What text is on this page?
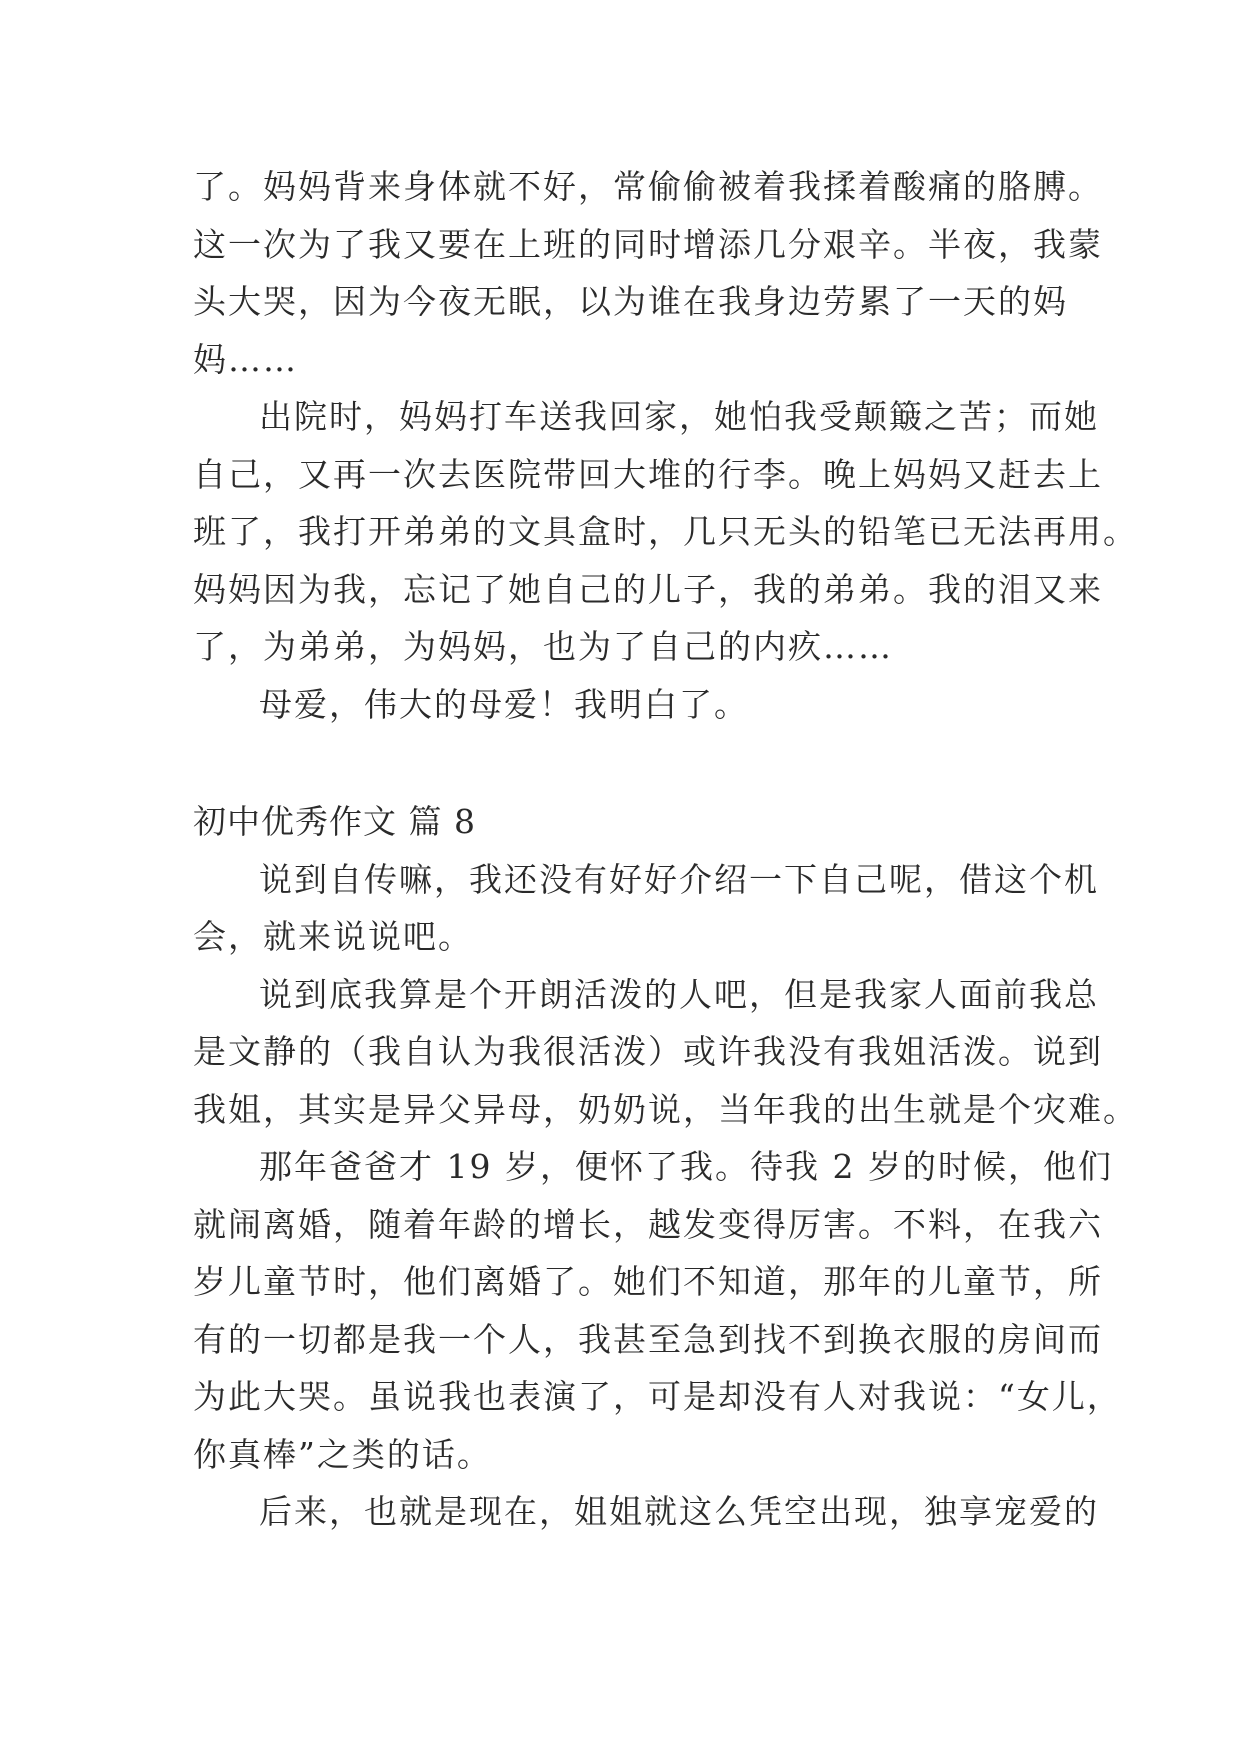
了。妈妈背来身体就不好，常偷偷被着我揉着酸痛的胳膊。
这一次为了我又要在上班的同时增添几分艰辛。半夜，我蒙
头大哭，因为今夜无眠，以为谁在我身边劳累了一天的妈
妈……
出院时，妈妈打车送我回家，她怕我受颠簸之苦；而她
自己，又再一次去医院带回大堆的行李。晚上妈妈又赶去上
班了，我打开弟弟的文具盒时，几只无头的铅笔已无法再用。
妈妈因为我，忘记了她自己的儿子，我的弟弟。我的泪又来
了，为弟弟，为妈妈，也为了自己的内疚……
母爱，伟大的母爱！我明白了。
初中优秀作文 篇 8
说到自传嘛，我还没有好好介绍一下自己呢，借这个机
会，就来说说吧。
说到底我算是个开朗活泼的人吧，但是我家人面前我总
是文静的（我自认为我很活泼）或许我没有我姐活泼。说到
我姐，其实是异父异母，奶奶说，当年我的出生就是个灾难。
那年爸爸才 19 岁，便怀了我。待我 2 岁的时候，他们
就闹离婚，随着年龄的增长，越发变得厉害。不料，在我六
岁儿童节时，他们离婚了。她们不知道，那年的儿童节，所
有的一切都是我一个人，我甚至急到找不到换衣服的房间而
为此大哭。虽说我也表演了，可是却没有人对我说：“女儿，
你真棒”之类的话。
后来，也就是现在，姐姐就这么凭空出现，独享宠爱的
